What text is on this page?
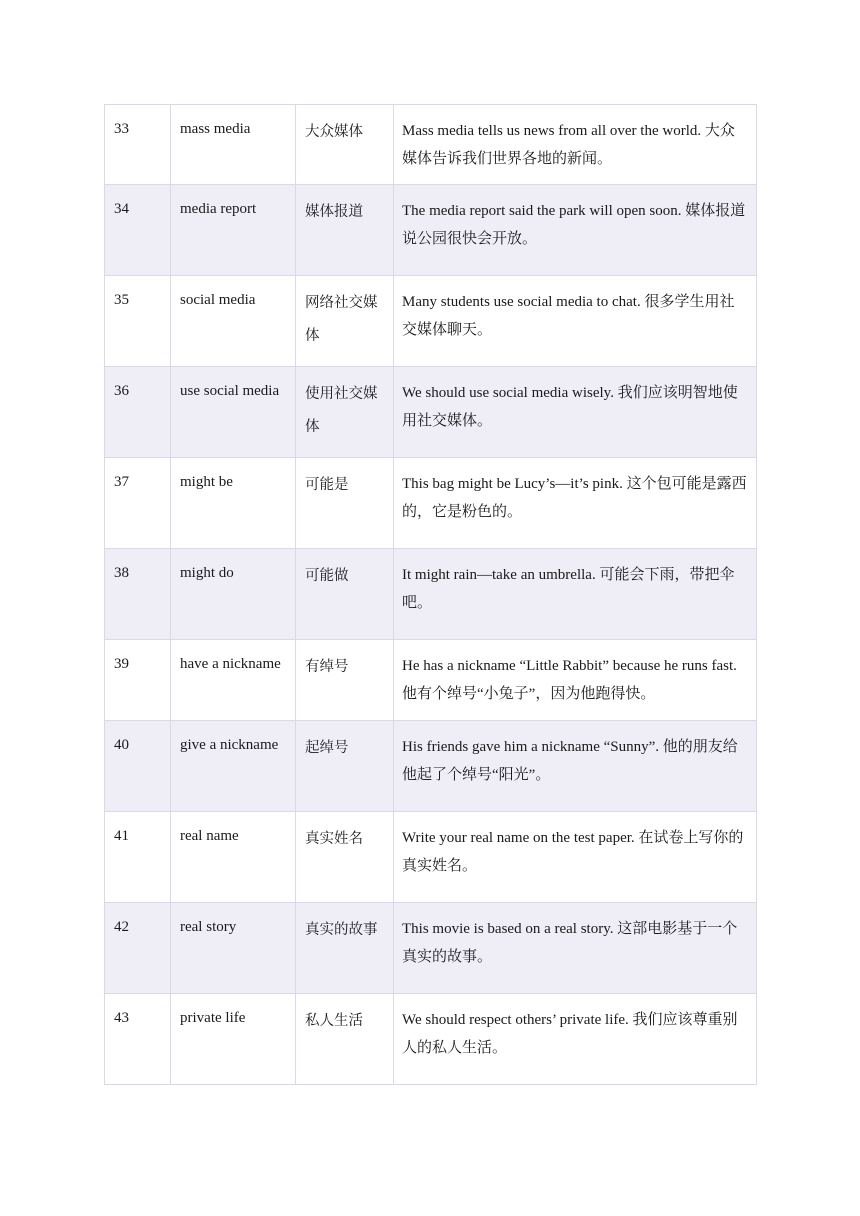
33	mass media	大众媒体	Mass media tells us news from all over the world. 大众媒体告诉我们世界各地的新闻。
34	media report	媒体报道	The media report said the park will open soon. 媒体报道说公园很快会开放。
35	social media	网络社交媒体	Many students use social media to chat. 很多学生用社交媒体聊天。
36	use social media	使用社交媒体	We should use social media wisely. 我们应该明智地使用社交媒体。
37	might be	可能是	This bag might be Lucy’s—it’s pink. 这个包可能是露西的，它是粉色的。
38	might do	可能做	It might rain—take an umbrella. 可能会下雨，带把伞吧。
39	have a nickname	有绰号	He has a nickname “Little Rabbit” because he runs fast. 他有个绰号“小兔子”，因为他跑得快。
40	give a nickname	起绰号	His friends gave him a nickname “Sunny”. 他的朋友给他起了个绰号“阳光”。
41	real name	真实姓名	Write your real name on the test paper. 在试卷上写你的真实姓名。
42	real story	真实的故事	This movie is based on a real story. 这部电影基于一个真实的故事。
43	private life	私人生活	We should respect others’ private life. 我们应该尊重别人的私人生活。
